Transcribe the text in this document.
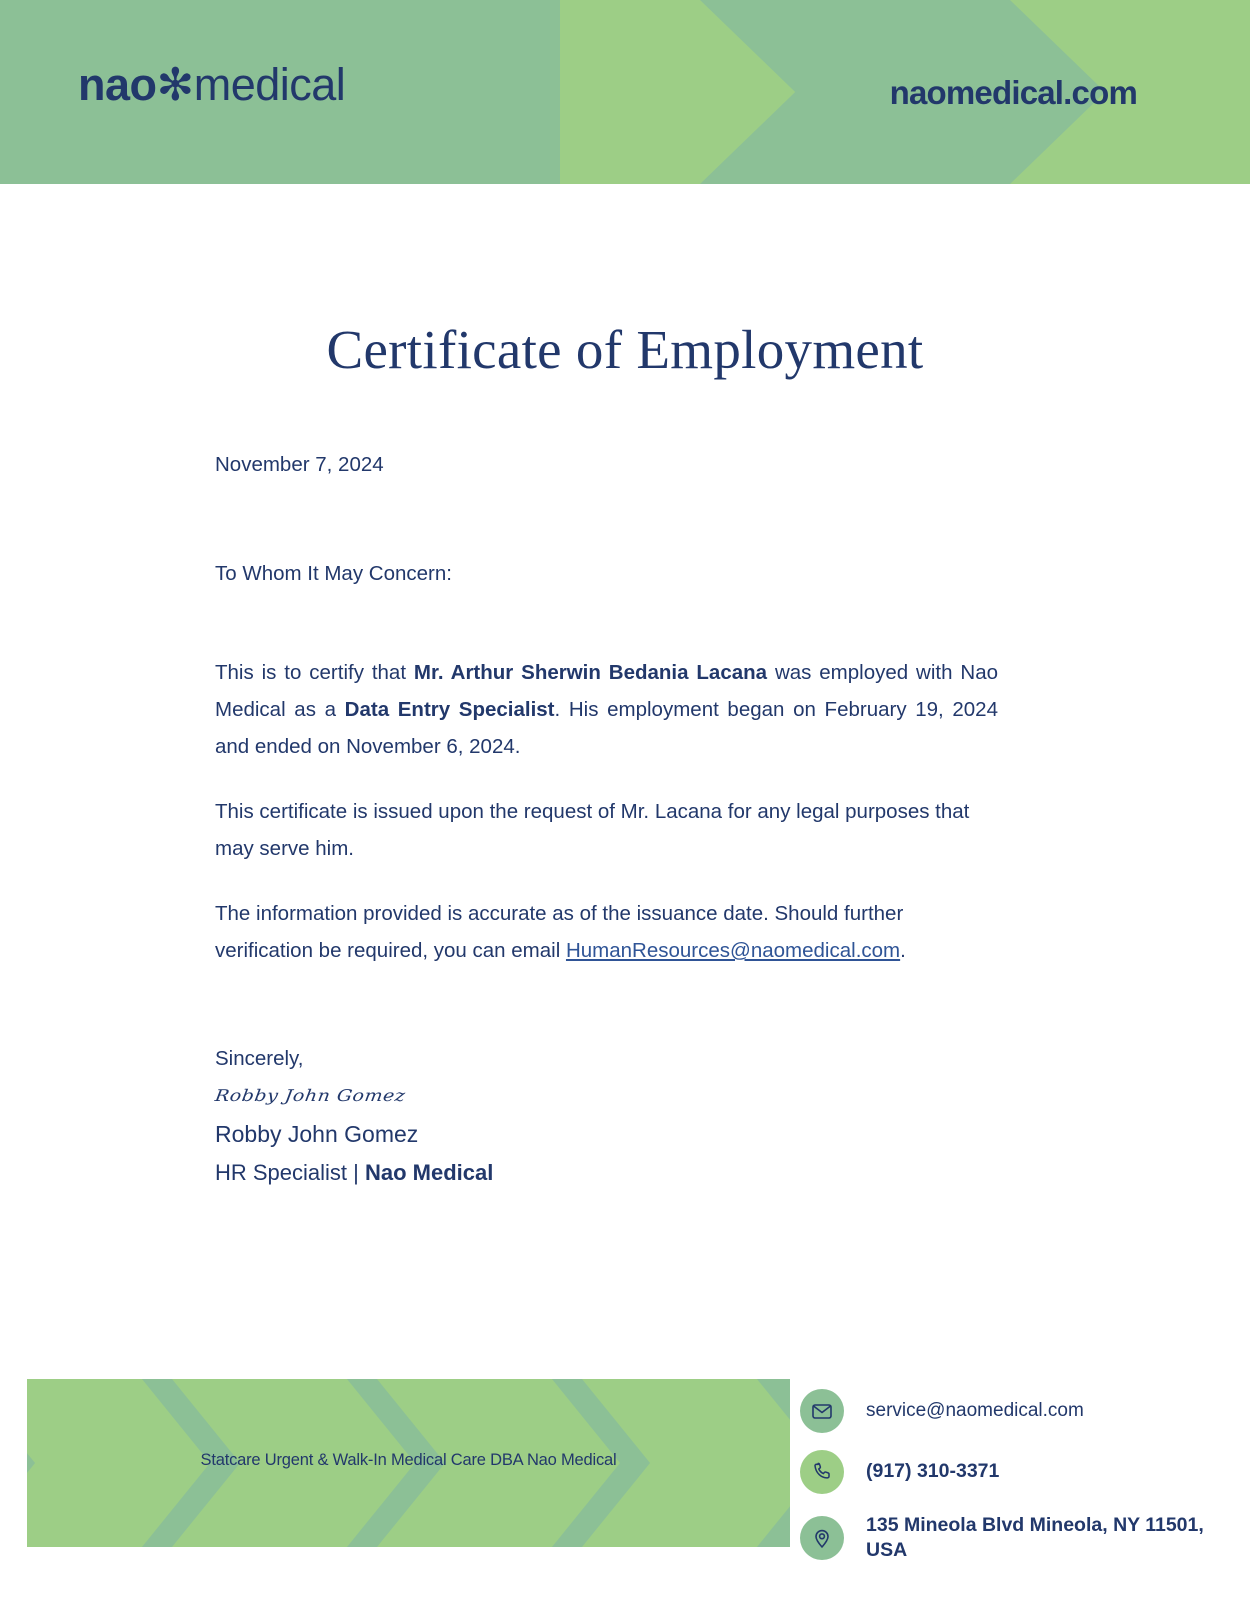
nao✻medical	naomedical.com
Certificate of Employment

November 7, 2024

To Whom It May Concern:

This is to certify that Mr. Arthur Sherwin Bedania Lacana was employed with Nao Medical as a Data Entry Specialist. His employment began on February 19, 2024 and ended on November 6, 2024.

This certificate is issued upon the request of Mr. Lacana for any legal purposes that may serve him.

The information provided is accurate as of the issuance date. Should further verification be required, you can email HumanResources@naomedical.com.

Sincerely,
Robby John Gomez
Robby John Gomez
HR Specialist | Nao Medical
Statcare Urgent & Walk-In Medical Care DBA Nao Medical
service@naomedical.com
(917) 310-3371
135 Mineola Blvd Mineola, NY 11501, USA
